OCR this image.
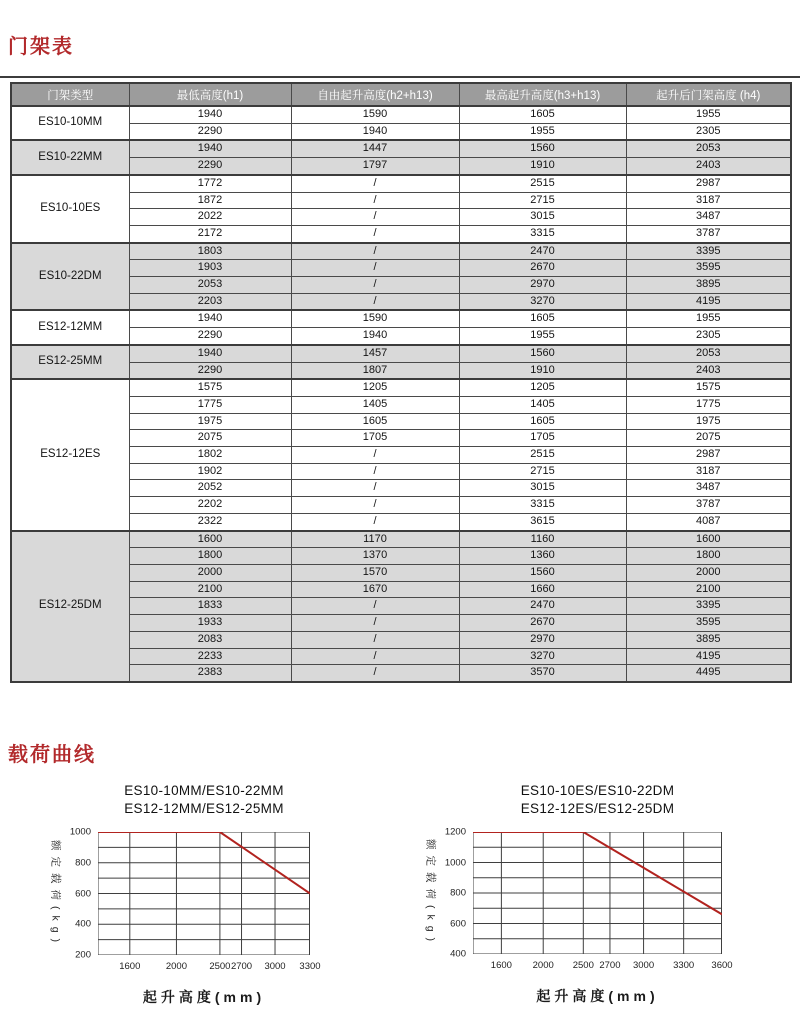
门架表
门架类型	最低高度(h1)	自由起升高度(h2+h13)	最高起升高度(h3+h13)	起升后门架高度 (h4)
ES10-10MM	1940	1590	1605	1955
	2290	1940	1955	2305
ES10-22MM	1940	1447	1560	2053
	2290	1797	1910	2403
ES10-10ES	1772	/	2515	2987
	1872	/	2715	3187
	2022	/	3015	3487
	2172	/	3315	3787
ES10-22DM	1803	/	2470	3395
	1903	/	2670	3595
	2053	/	2970	3895
	2203	/	3270	4195
ES12-12MM	1940	1590	1605	1955
	2290	1940	1955	2305
ES12-25MM	1940	1457	1560	2053
	2290	1807	1910	2403
ES12-12ES	1575	1205	1205	1575
	1775	1405	1405	1775
	1975	1605	1605	1975
	2075	1705	1705	2075
	1802	/	2515	2987
	1902	/	2715	3187
	2052	/	3015	3487
	2202	/	3315	3787
	2322	/	3615	4087
ES12-25DM	1600	1170	1160	1600
	1800	1370	1360	1800
	2000	1570	1560	2000
	2100	1670	1660	2100
	1833	/	2470	3395
	1933	/	2670	3595
	2083	/	2970	3895
	2233	/	3270	4195
	2383	/	3570	4495
载荷曲线
ES10-10MM/ES10-22MM
ES12-12MM/ES12-25MM
1000
800
600
400
200
1600	2000 2500 2700 3000 3300
额定载荷(kg)
起升高度(mm)
ES10-10ES/ES10-22DM
ES12-12ES/ES12-25DM
1200
1000
800
600
400
1600 2000 2500 2700 3000 3300 3600
额定载荷(kg)
起升高度(mm)
